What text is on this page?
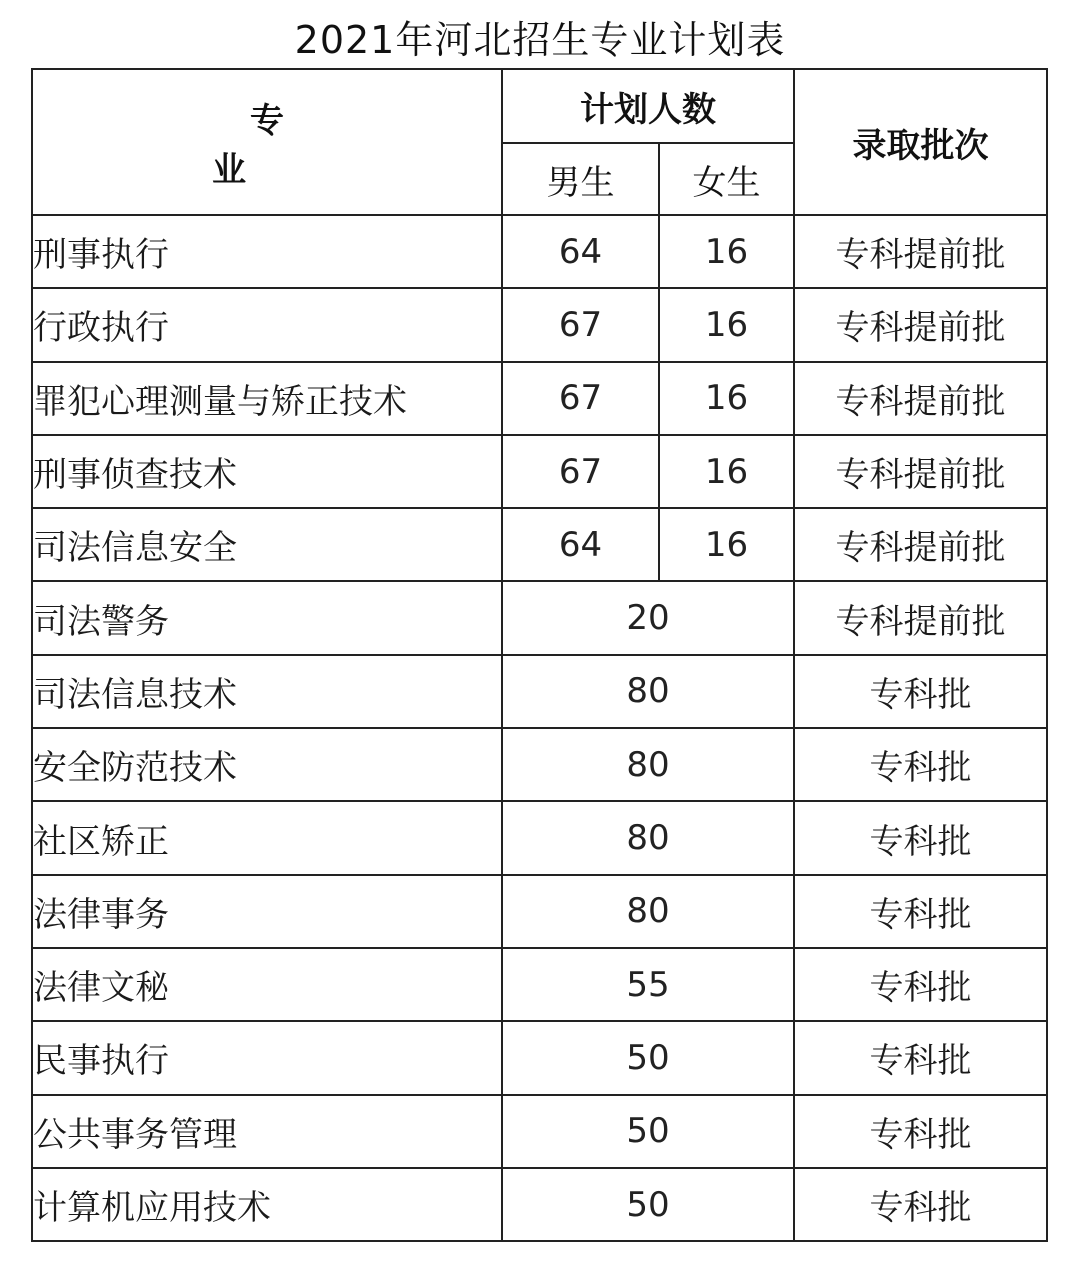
2021年河北招生专业计划表
专　　业	计划人数		录取批次
	男生	女生	
刑事执行	64	16	专科提前批
行政执行	67	16	专科提前批
罪犯心理测量与矫正技术	67	16	专科提前批
刑事侦查技术	67	16	专科提前批
司法信息安全	64	16	专科提前批
司法警务	20		专科提前批
司法信息技术	80		专科批
安全防范技术	80		专科批
社区矫正	80		专科批
法律事务	80		专科批
法律文秘	55		专科批
民事执行	50		专科批
公共事务管理	50		专科批
计算机应用技术	50		专科批
